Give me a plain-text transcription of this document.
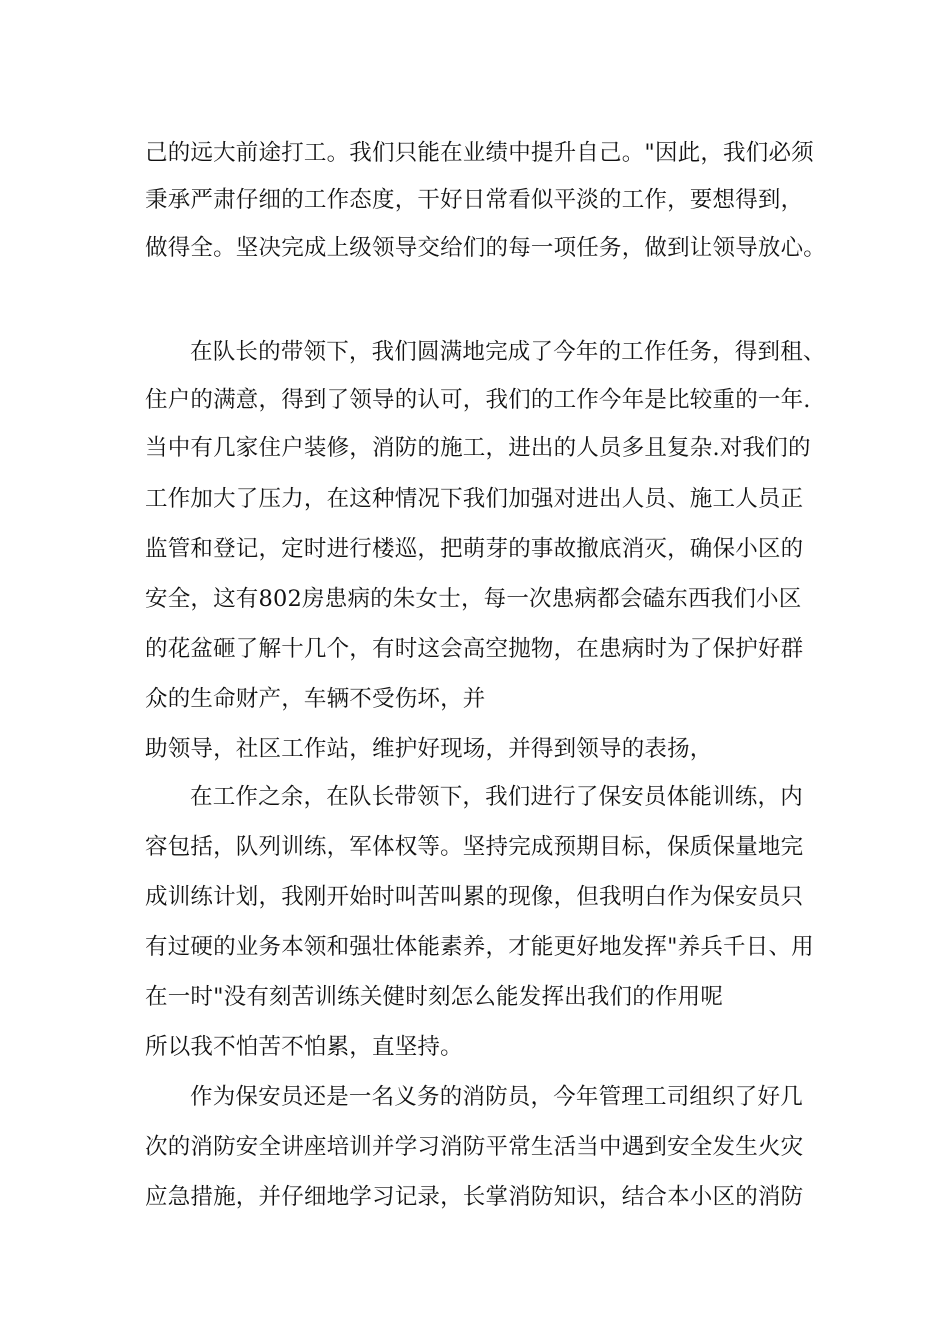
己的远大前途打工。我们只能在业绩中提升自己。"因此，我们必须
秉承严肃仔细的工作态度，干好日常看似平淡的工作，要想得到，
做得全。坚决完成上级领导交给们的每一项任务，做到让领导放心。
在队长的带领下，我们圆满地完成了今年的工作任务，得到租、
住户的满意，得到了领导的认可，我们的工作今年是比较重的一年.
当中有几家住户装修，消防的施工，进出的人员多且复杂.对我们的
工作加大了压力，在这种情况下我们加强对进出人员、施工人员正
监管和登记，定时进行楼巡，把萌芽的事故撤底消灭，确保小区的
安全，这有802房患病的朱女士，每一次患病都会磕东西我们小区
的花盆砸了解十几个，有时这会高空抛物，在患病时为了保护好群
众的生命财产，车辆不受伤坏，并
助领导，社区工作站，维护好现场，并得到领导的表扬，
在工作之余，在队长带领下，我们进行了保安员体能训练，内
容包括，队列训练，军体权等。坚持完成预期目标，保质保量地完
成训练计划，我刚开始时叫苦叫累的现像，但我明白作为保安员只
有过硬的业务本领和强壮体能素养，才能更好地发挥"养兵千日、用
在一时"没有刻苦训练关健时刻怎么能发挥出我们的作用呢
所以我不怕苦不怕累，直坚持。
作为保安员还是一名义务的消防员，今年管理工司组织了好几
次的消防安全讲座培训并学习消防平常生活当中遇到安全发生火灾
应急措施，并仔细地学习记录，长掌消防知识，结合本小区的消防
